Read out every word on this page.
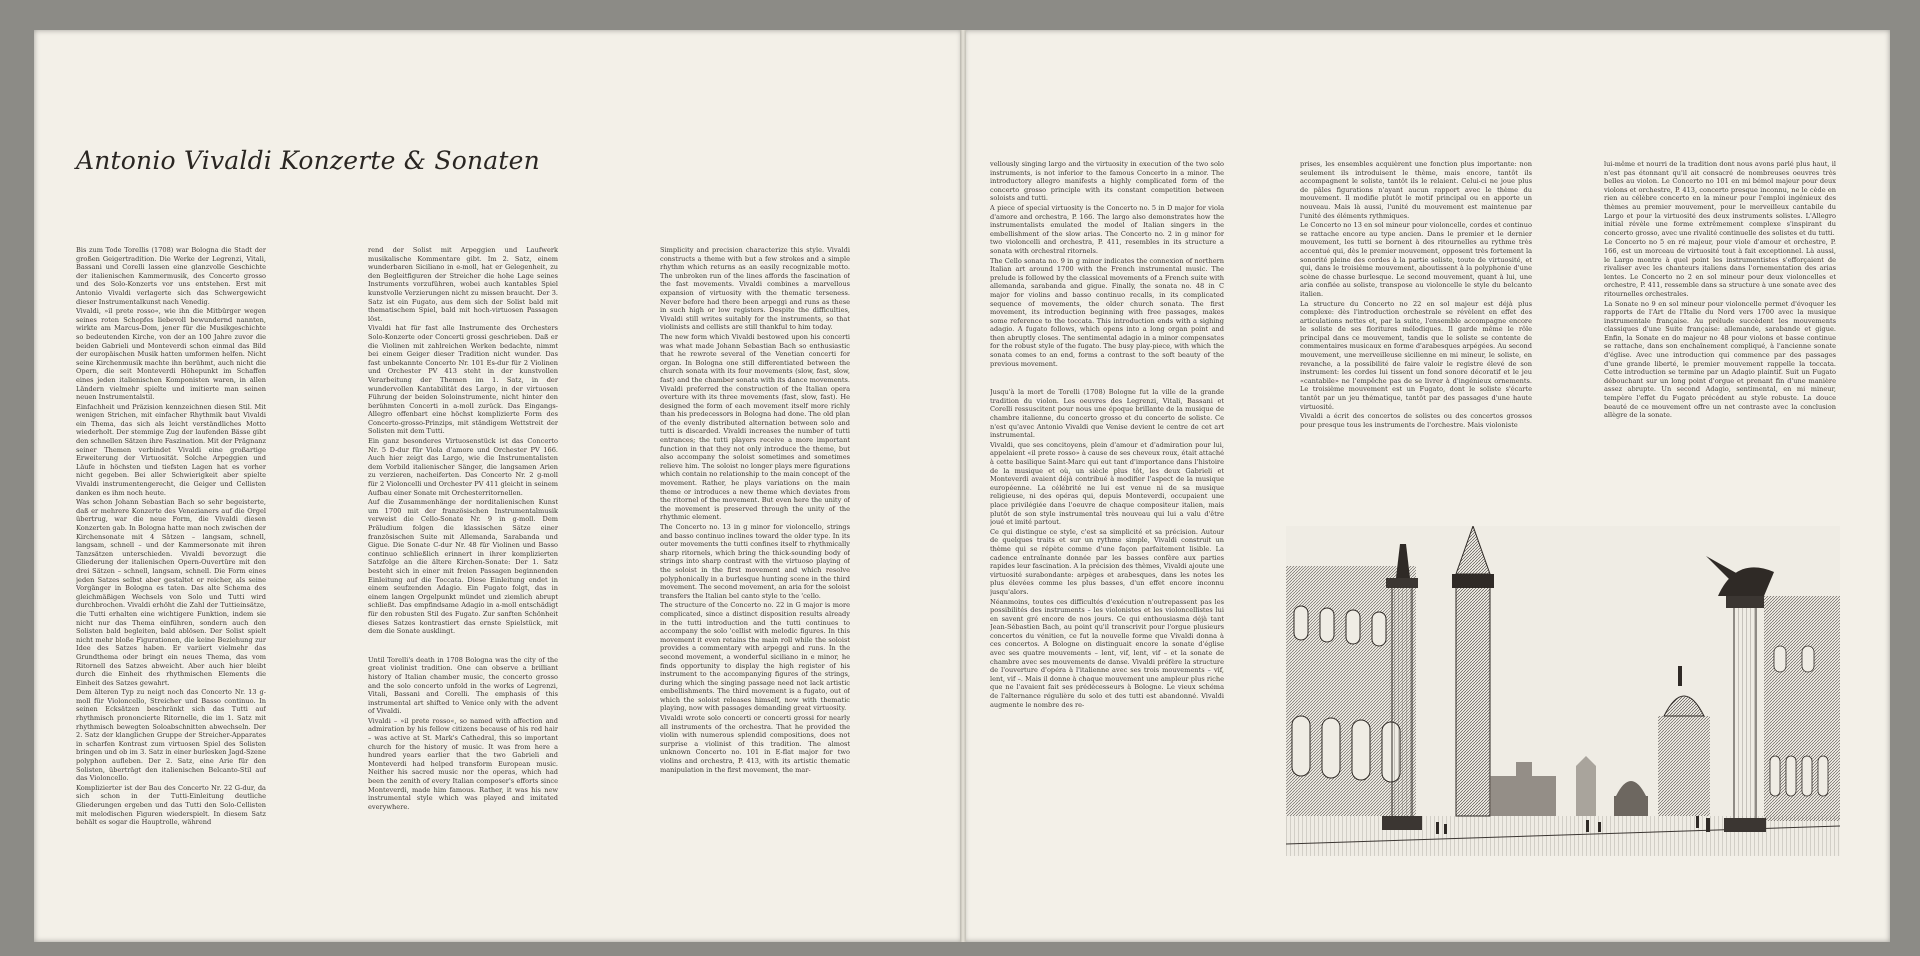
Antonio Vivaldi Konzerte & Sonaten

Bis zum Tode Torellis (1708) war Bologna die Stadt der großen Geigertradition. Die Werke der Legrenzi, Vitali, Bassani und Corelli lassen eine glanzvolle Geschichte der italienischen Kammermusik, des Concerto grosso und des Solo-Konzerts vor uns entstehen. Erst mit Antonio Vivaldi verlagerte sich das Schwergewicht dieser Instrumentalkunst nach Venedig.

Vivaldi, »il prete rosso«, wie ihn die Mitbürger wegen seines roten Schopfes liebevoll bewundernd nannten, wirkte am Marcus-Dom, jener für die Musikgeschichte so bedeutenden Kirche, von der an 100 Jahre zuvor die beiden Gabrieli und Monteverdi schon einmal das Bild der europäischen Musik hatten umformen helfen. Nicht seine Kirchenmusik machte ihn berühmt, auch nicht die Opern, die seit Monteverdi Höhepunkt im Schaffen eines jeden italienischen Komponisten waren, in allen Ländern vielmehr spielte und imitierte man seinen neuen Instrumentalstil.

Einfachheit und Präzision kennzeichnen diesen Stil. Mit wenigen Strichen, mit einfacher Rhythmik baut Vivaldi ein Thema, das sich als leicht verständliches Motto wiederholt. Der stemmige Zug der laufenden Bässe gibt den schnellen Sätzen ihre Faszination. Mit der Prägnanz seiner Themen verbindet Vivaldi eine großartige Erweiterung der Virtuosität. Solche Arpeggien und Läufe in höchsten und tiefsten Lagen hat es vorher nicht gegeben. Bei aller Schwierigkeit aber spielte Vivaldi instrumentengerecht, die Geiger und Cellisten danken es ihm noch heute.

Was schon Johann Sebastian Bach so sehr begeisterte, daß er mehrere Konzerte des Venezianers auf die Orgel übertrug, war die neue Form, die Vivaldi diesen Konzerten gab. In Bologna hatte man noch zwischen der Kirchensonate mit 4 Sätzen – langsam, schnell, langsam, schnell – und der Kammersonate mit ihren Tanzsätzen unterschieden. Vivaldi bevorzugt die Gliederung der italienischen Opern-Ouvertüre mit den drei Sätzen – schnell, langsam, schnell. Die Form eines jeden Satzes selbst aber gestaltet er reicher, als seine Vorgänger in Bologna es taten. Das alte Schema des gleichmäßigen Wechsels von Solo und Tutti wird durchbrochen. Vivaldi erhöht die Zahl der Tuttieinsätze, die Tutti erhalten eine wichtigere Funktion, indem sie nicht nur das Thema einführen, sondern auch den Solisten bald begleiten, bald ablösen. Der Solist spielt nicht mehr bloße Figurationen, die keine Beziehung zur Idee des Satzes haben. Er variiert vielmehr das Grundthema oder bringt ein neues Thema, das vom Ritornell des Satzes abweicht. Aber auch hier bleibt durch die Einheit des rhythmischen Elements die Einheit des Satzes gewahrt.

Dem älteren Typ zu neigt noch das Concerto Nr. 13 g-moll für Violoncello, Streicher und Basso continuo. In seinen Ecksätzen beschränkt sich das Tutti auf rhythmisch prononcierte Ritornelle, die im 1. Satz mit rhythmisch bewegten Soloabschnitten abwechseln. Der 2. Satz der klanglichen Gruppe der Streicher-Apparates in scharfen Kontrast zum virtuosen Spiel des Solisten bringen und ob im 3. Satz in einer burlesken Jagd-Szene polyphon aufleben. Der 2. Satz, eine Arie für den Solisten, überträgt den italienischen Belcanto-Stil auf das Violoncello.

Komplizierter ist der Bau des Concerto Nr. 22 G-dur, da sich schon in der Tutti-Einleitung deutliche Gliederungen ergeben und das Tutti den Solo-Cellisten mit melodischen Figuren wiederspielt. In diesem Satz behält es sogar die Hauptrolle, während

rend der Solist mit Arpeggien und Laufwerk musikalische Kommentare gibt. Im 2. Satz, einem wunderbaren Siciliano in e-moll, hat er Gelegenheit, zu den Begleitfiguren der Streicher die hohe Lage seines Instruments vorzuführen, wobei auch kantables Spiel kunstvolle Verzierungen nicht zu missen braucht. Der 3. Satz ist ein Fugato, aus dem sich der Solist bald mit thematischem Spiel, bald mit hoch-virtuosen Passagen löst.

Vivaldi hat für fast alle Instrumente des Orchesters Solo-Konzerte oder Concerti grossi geschrieben. Daß er die Violinen mit zahlreichen Werken bedachte, nimmt bei einem Geiger dieser Tradition nicht wunder. Das fast unbekannte Concerto Nr. 101 Es-dur für 2 Violinen und Orchester PV 413 steht in der kunstvollen Verarbeitung der Themen im 1. Satz, in der wundervollen Kantabilität des Largo, in der virtuosen Führung der beiden Soloinstrumente, nicht hinter den berühmten Concerti in a-moll zurück. Das Eingangs-Allegro offenbart eine höchst komplizierte Form des Concerto-grosso-Prinzips, mit ständigem Wettstreit der Solisten mit dem Tutti.

Ein ganz besonderes Virtuosenstück ist das Concerto Nr. 5 D-dur für Viola d'amore und Orchester PV 166. Auch hier zeigt das Largo, wie die Instrumentalisten dem Vorbild italienischer Sänger, die langsamen Arien zu verzieren, nacheiferten. Das Concerto Nr. 2 g-moll für 2 Violoncelli und Orchester PV 411 gleicht in seinem Aufbau einer Sonate mit Orchesterritornellen.

Auf die Zusammenhänge der norditalienischen Kunst um 1700 mit der französischen Instrumentalmusik verweist die Cello-Sonate Nr. 9 in g-moll. Dem Präludium folgen die klassischen Sätze einer französischen Suite mit Allemanda, Sarabanda und Gigue. Die Sonate C-dur Nr. 48 für Violinen und Basso continuo schließlich erinnert in ihrer komplizierten Satzfolge an die ältere Kirchen-Sonate: Der 1. Satz besteht sich in einer mit freien Passagen beginnenden Einleitung auf die Toccata. Diese Einleitung endet in einem seufzenden Adagio. Ein Fugato folgt, das in einem langen Orgelpunkt mündet und ziemlich abrupt schließt. Das empfindsame Adagio in a-moll entschädigt für den robusten Stil des Fugato. Zur sanften Schönheit dieses Satzes kontrastiert das ernste Spielstück, mit dem die Sonate ausklingt.

Until Torelli's death in 1708 Bologna was the city of the great violinist tradition. One can observe a brilliant history of Italian chamber music, the concerto grosso and the solo concerto unfold in the works of Legrenzi, Vitali, Bassani and Corelli. The emphasis of this instrumental art shifted to Venice only with the advent of Vivaldi.

Vivaldi – »il prete rosso«, so named with affection and admiration by his fellow citizens because of his red hair – was active at St. Mark's Cathedral, this so important church for the history of music. It was from here a hundred years earlier that the two Gabrieli and Monteverdi had helped transform European music. Neither his sacred music nor the operas, which had been the zenith of every Italian composer's efforts since Monteverdi, made him famous. Rather, it was his new instrumental style which was played and imitated everywhere.

Simplicity and precision characterize this style. Vivaldi constructs a theme with but a few strokes and a simple rhythm which returns as an easily recognizable motto. The unbroken run of the lines affords the fascination of the fast movements. Vivaldi combines a marvellous expansion of virtuosity with the thematic terseness. Never before had there been arpeggi and runs as these in such high or low registers. Despite the difficulties, Vivaldi still writes suitably for the instruments, so that violinists and cellists are still thankful to him today.

The new form which Vivaldi bestowed upon his concerti was what made Johann Sebastian Bach so enthusiastic that he rewrote several of the Venetian concerti for organ. In Bologna one still differentiated between the church sonata with its four movements (slow, fast, slow, fast) and the chamber sonata with its dance movements. Vivaldi preferred the construction of the Italian opera overture with its three movements (fast, slow, fast). He designed the form of each movement itself more richly than his predecessors in Bologna had done. The old plan of the evenly distributed alternation between solo and tutti is discarded. Vivaldi increases the number of tutti entrances; the tutti players receive a more important function in that they not only introduce the theme, but also accompany the soloist sometimes and sometimes relieve him. The soloist no longer plays mere figurations which contain no relationship to the main concept of the movement. Rather, he plays variations on the main theme or introduces a new theme which deviates from the ritornel of the movement. But even here the unity of the movement is preserved through the unity of the rhythmic element.

The Concerto no. 13 in g minor for violoncello, strings and basso continuo inclines toward the older type. In its outer movements the tutti confines itself to rhythmically sharp ritornels, which bring the thick-sounding body of strings into sharp contrast with the virtuoso playing of the soloist in the first movement and which resolve polyphonically in a burlesque hunting scene in the third movement. The second movement, an aria for the soloist transfers the Italian bel canto style to the 'cello.

The structure of the Concerto no. 22 in G major is more complicated, since a distinct disposition results already in the tutti introduction and the tutti continues to accompany the solo 'cellist with melodic figures. In this movement it even retains the main roll while the soloist provides a commentary with arpeggi and runs. In the second movement, a wonderful siciliano in e minor, he finds opportunity to display the high register of his instrument to the accompanying figures of the strings, during which the singing passage need not lack artistic embellishments. The third movement is a fugato, out of which the soloist releases himself, now with thematic playing, now with passages demanding great virtuosity.

Vivaldi wrote solo concerti or concerti grossi for nearly all instruments of the orchestra. That he provided the violin with numerous splendid compositions, does not surprise a violinist of this tradition. The almost unknown Concerto no. 101 in E-flat major for two violins and orchestra, P. 413, with its artistic thematic manipulation in the first movement, the mar-

vellously singing largo and the virtuosity in execution of the two solo instruments, is not inferior to the famous Concerto in a minor. The introductory allegro manifests a highly complicated form of the concerto grosso principle with its constant competition between soloists and tutti.

A piece of special virtuosity is the Concerto no. 5 in D major for viola d'amore and orchestra, P. 166. The largo also demonstrates how the instrumentalists emulated the model of Italian singers in the embellishment of the slow arias. The Concerto no. 2 in g minor for two violoncelli and orchestra, P. 411, resembles in its structure a sonata with orchestral ritornels.

The Cello sonata no. 9 in g minor indicates the connexion of northern Italian art around 1700 with the French instrumental music. The prelude is followed by the classical movements of a French suite with allemanda, sarabanda and gigue. Finally, the sonata no. 48 in C major for violins and basso continuo recalls, in its complicated sequence of movements, the older church sonata. The first movement, its introduction beginning with free passages, makes some reference to the toccata. This introduction ends with a sighing adagio. A fugato follows, which opens into a long organ point and then abruptly closes. The sentimental adagio in a minor compensates for the robust style of the fugato. The busy play-piece, with which the sonata comes to an end, forms a contrast to the soft beauty of the previous movement.

Jusqu'à la mort de Torelli (1708) Bologne fut la ville de la grande tradition du violon. Les oeuvres des Legrenzi, Vitali, Bassani et Corelli ressuscitent pour nous une époque brillante de la musique de chambre italienne, du concerto grosso et du concerto de soliste. Ce n'est qu'avec Antonio Vivaldi que Venise devient le centre de cet art instrumental.

Vivaldi, que ses concitoyens, plein d'amour et d'admiration pour lui, appelaient «il prete rosso» à cause de ses cheveux roux, était attaché à cette basilique Saint-Marc qui eut tant d'importance dans l'histoire de la musique et où, un siècle plus tôt, les deux Gabrieli et Monteverdi avaient déjà contribué à modifier l'aspect de la musique européenne. La célébrité ne lui est venue ni de sa musique religieuse, ni des opéras qui, depuis Monteverdi, occupaient une place privilégiée dans l'oeuvre de chaque compositeur italien, mais plutôt de son style instrumental très nouveau qui lui a valu d'être joué et imité partout.

Ce qui distingue ce style, c'est sa simplicité et sa précision. Autour de quelques traits et sur un rythme simple, Vivaldi construit un thème qui se répète comme d'une façon parfaitement lisible. La cadence entraînante donnée par les basses confère aux parties rapides leur fascination. A la précision des thèmes, Vivaldi ajoute une virtuosité surabondante: arpèges et arabesques, dans les notes les plus élevées comme les plus basses, d'un effet encore inconnu jusqu'alors.

Néanmoins, toutes ces difficultés d'exécution n'outrepassent pas les possibilités des instruments – les violonistes et les violoncellistes lui en savent gré encore de nos jours. Ce qui enthousiasma déjà tant Jean-Sébastien Bach, au point qu'il transcrivit pour l'orgue plusieurs concertos du vénitien, ce fut la nouvelle forme que Vivaldi donna à ces concertos. A Bologne on distinguait encore la sonate d'église avec ses quatre mouvements – lent, vif, lent, vif – et la sonate de chambre avec ses mouvements de danse. Vivaldi préfère la structure de l'ouverture d'opéra à l'italienne avec ses trois mouvements – vif, lent, vif –. Mais il donne à chaque mouvement une ampleur plus riche que ne l'avaient fait ses prédécesseurs à Bologne. Le vieux schéma de l'alternance régulière du solo et des tutti est abandonné. Vivaldi augmente le nombre des re-

prises, les ensembles acquièrent une fonction plus importante: non seulement ils introduisent le thème, mais encore, tantôt ils accompagnent le soliste, tantôt ils le relaient. Celui-ci ne joue plus de pâles figurations n'ayant aucun rapport avec le thème du mouvement. Il modifie plutôt le motif principal ou en apporte un nouveau. Mais là aussi, l'unité du mouvement est maintenue par l'unité des éléments rythmiques.

Le Concerto no 13 en sol mineur pour violoncelle, cordes et continuo se rattache encore au type ancien. Dans le premier et le dernier mouvement, les tutti se bornent à des ritournelles au rythme très accentué qui, dès le premier mouvement, opposent très fortement la sonorité pleine des cordes à la partie soliste, toute de virtuosité, et qui, dans le troisième mouvement, aboutissent à la polyphonie d'une scène de chasse burlesque. Le second mouvement, quant à lui, une aria confiée au soliste, transpose au violoncelle le style du belcanto italien.

La structure du Concerto no 22 en sol majeur est déjà plus complexe: dès l'introduction orchestrale se révèlent en effet des articulations nettes et, par la suite, l'ensemble accompagne encore le soliste de ses floritures mélodiques. Il garde même le rôle principal dans ce mouvement, tandis que le soliste se contente de commentaires musicaux en forme d'arabesques arpégées. Au second mouvement, une merveilleuse sicilienne en mi mineur, le soliste, en revanche, a la possibilité de faire valoir le registre élevé de son instrument: les cordes lui tissent un fond sonore décoratif et le jeu «cantabile» ne l'empêche pas de se livrer à d'ingénieux ornements. Le troisième mouvement est un Fugato, dont le soliste s'écarte tantôt par un jeu thématique, tantôt par des passages d'une haute virtuosité.

Vivaldi a écrit des concertos de solistes ou des concertos grossos pour presque tous les instruments de l'orchestre. Mais violoniste

lui-même et nourri de la tradition dont nous avons parlé plus haut, il n'est pas étonnant qu'il ait consacré de nombreuses oeuvres très belles au violon. Le Concerto no 101 en mi bémol majeur pour deux violons et orchestre, P. 413, concerto presque inconnu, ne le cède en rien au célèbre concerto en la mineur pour l'emploi ingénieux des thèmes au premier mouvement, pour le merveilleux cantabile du Largo et pour la virtuosité des deux instruments solistes. L'Allegro initial révèle une forme extrêmement complexe s'inspirant du concerto grosso, avec une rivalité continuelle des solistes et du tutti.

Le Concerto no 5 en ré majeur, pour viole d'amour et orchestre, P. 166, est un morceau de virtuosité tout à fait exceptionnel. Là aussi, le Largo montre à quel point les instrumentistes s'efforçaient de rivaliser avec les chanteurs italiens dans l'ornementation des arias lentes. Le Concerto no 2 en sol mineur pour deux violoncelles et orchestre, P. 411, ressemble dans sa structure à une sonate avec des ritournelles orchestrales.

La Sonate no 9 en sol mineur pour violoncelle permet d'évoquer les rapports de l'Art de l'Italie du Nord vers 1700 avec la musique instrumentale française. Au prélude succèdent les mouvements classiques d'une Suite française: allemande, sarabande et gigue. Enfin, la Sonate en do majeur no 48 pour violons et basse continue se rattache, dans son enchaînement compliqué, à l'ancienne sonate d'église. Avec une introduction qui commence par des passages d'une grande liberté, le premier mouvement rappelle la toccata. Cette introduction se termine par un Adagio plaintif. Suit un Fugato débouchant sur un long point d'orgue et prenant fin d'une manière assez abrupte. Un second Adagio, sentimental, en mi mineur, tempère l'effet du Fugato précédent au style robuste. La douce beauté de ce mouvement offre un net contraste avec la conclusion allègre de la sonate.
